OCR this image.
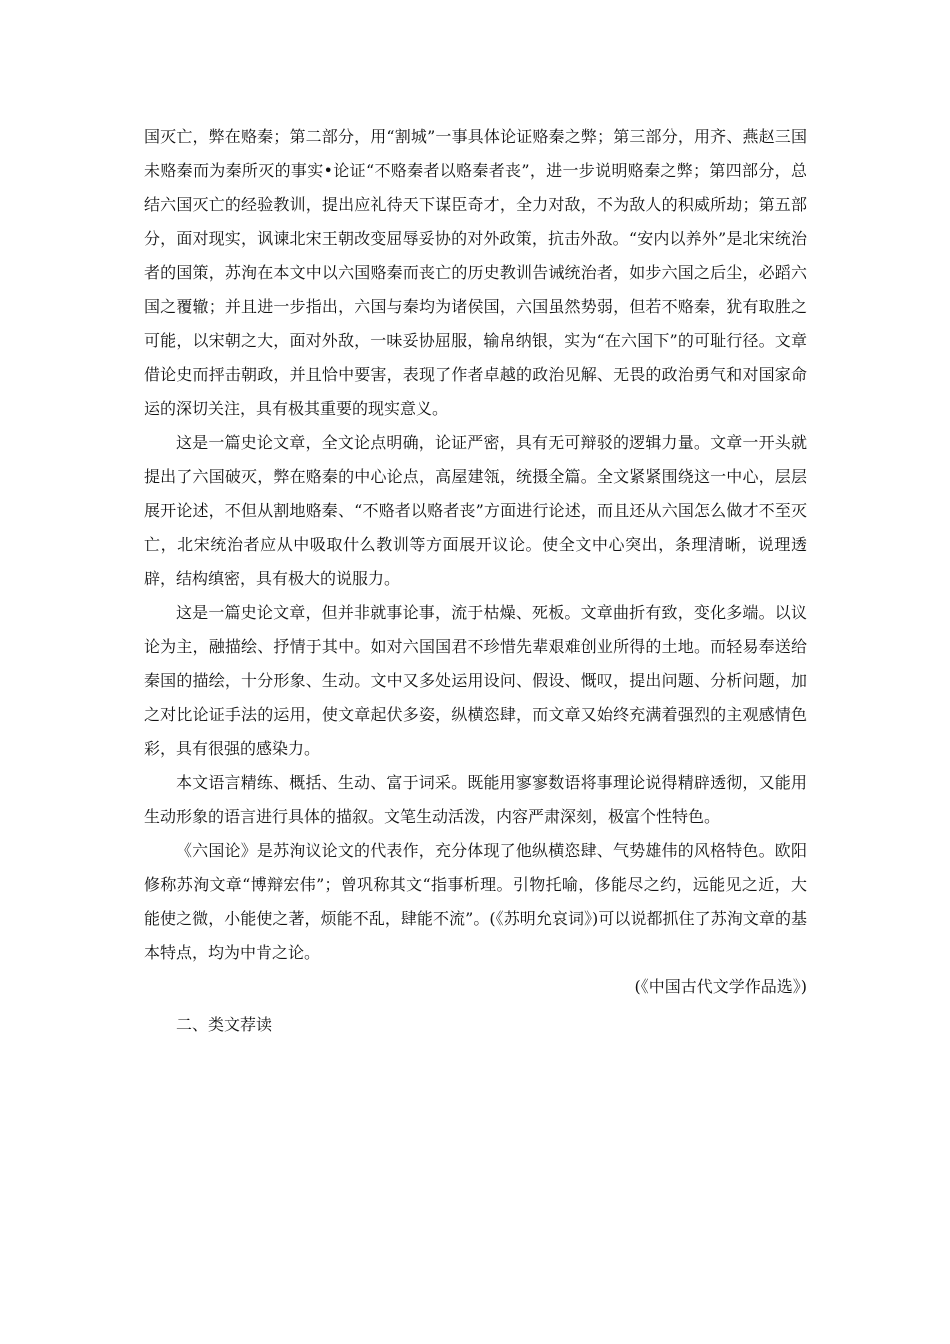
国灭亡，弊在赂秦；第二部分，用“割城”一事具体论证赂秦之弊；第三部分，用齐、燕赵三国未赂秦而为秦所灭的事实•论证“不赂秦者以赂秦者丧”，进一步说明赂秦之弊；第四部分，总结六国灭亡的经验教训，提出应礼待天下谋臣奇才，全力对敌，不为敌人的积威所劫；第五部分，面对现实，讽谏北宋王朝改变屈辱妥协的对外政策，抗击外敌。“安内以养外”是北宋统治者的国策，苏洵在本文中以六国赂秦而丧亡的历史教训告诫统治者，如步六国之后尘，必蹈六国之覆辙；并且进一步指出，六国与秦均为诸侯国，六国虽然势弱，但若不赂秦，犹有取胜之可能，以宋朝之大，面对外敌，一味妥协屈服，输帛纳银，实为“在六国下”的可耻行径。文章借论史而抨击朝政，并且恰中要害，表现了作者卓越的政治见解、无畏的政治勇气和对国家命运的深切关注，具有极其重要的现实意义。

这是一篇史论文章，全文论点明确，论证严密，具有无可辩驳的逻辑力量。文章一开头就提出了六国破灭，弊在赂秦的中心论点，高屋建瓴，统摄全篇。全文紧紧围绕这一中心，层层展开论述，不但从割地赂秦、“不赂者以赂者丧”方面进行论述，而且还从六国怎么做才不至灭亡，北宋统治者应从中吸取什么教训等方面展开议论。使全文中心突出，条理清晰，说理透辟，结构缜密，具有极大的说服力。

这是一篇史论文章，但并非就事论事，流于枯燥、死板。文章曲折有致，变化多端。以议论为主，融描绘、抒情于其中。如对六国国君不珍惜先辈艰难创业所得的土地。而轻易奉送给秦国的描绘，十分形象、生动。文中又多处运用设问、假设、慨叹，提出问题、分析问题，加之对比论证手法的运用，使文章起伏多姿，纵横恣肆，而文章又始终充满着强烈的主观感情色彩，具有很强的感染力。

本文语言精练、概括、生动、富于词采。既能用寥寥数语将事理论说得精辟透彻，又能用生动形象的语言进行具体的描叙。文笔生动活泼，内容严肃深刻，极富个性特色。

《六国论》是苏洵议论文的代表作，充分体现了他纵横恣肆、气势雄伟的风格特色。欧阳修称苏洵文章“博辩宏伟”；曾巩称其文“指事析理。引物托喻，侈能尽之约，远能见之近，大能使之微，小能使之著，烦能不乱，肆能不流”。(《苏明允哀词》)可以说都抓住了苏洵文章的基本特点，均为中肯之论。

(《中国古代文学作品选》)

二、类文荐读
